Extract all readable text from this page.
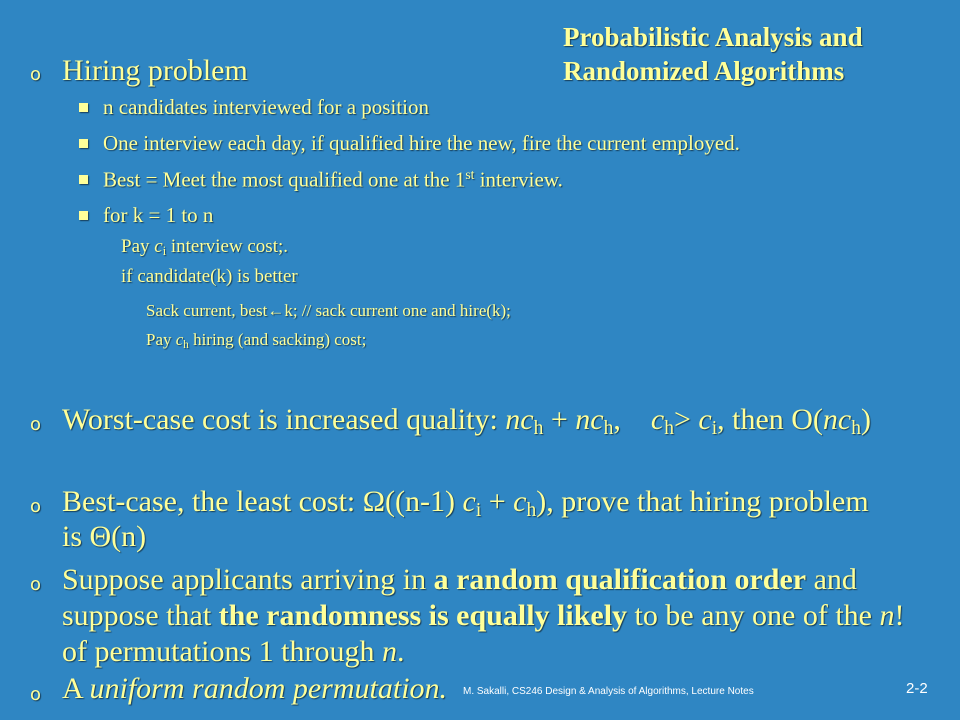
Probabilistic Analysis and Randomized Algorithms
o Hiring problem
n candidates interviewed for a position
One interview each day, if qualified hire the new, fire the current employed.
Best = Meet the most qualified one at the 1st interview.
for k = 1 to n
Pay $c_i$ interview cost;.
if candidate(k) is better
Sack current, best←k; // sack current one and hire(k);
Pay $c_h$ hiring (and sacking) cost;
o Worst-case cost is increased quality: $nc_h + nc_h$,    $c_h> c_i$, then $O(nc_h)$
o Best-case, the least cost: Ω((n-1) $c_i + c_h$), prove that hiring problem
is Θ(n)
o Suppose applicants arriving in a random qualification order and suppose that the randomness is equally likely to be any one of the n! of permutations 1 through n.
o A uniform random permutation. M. Sakalli, CS246 Design & Analysis of Algorithms, Lecture Notes	2-2
